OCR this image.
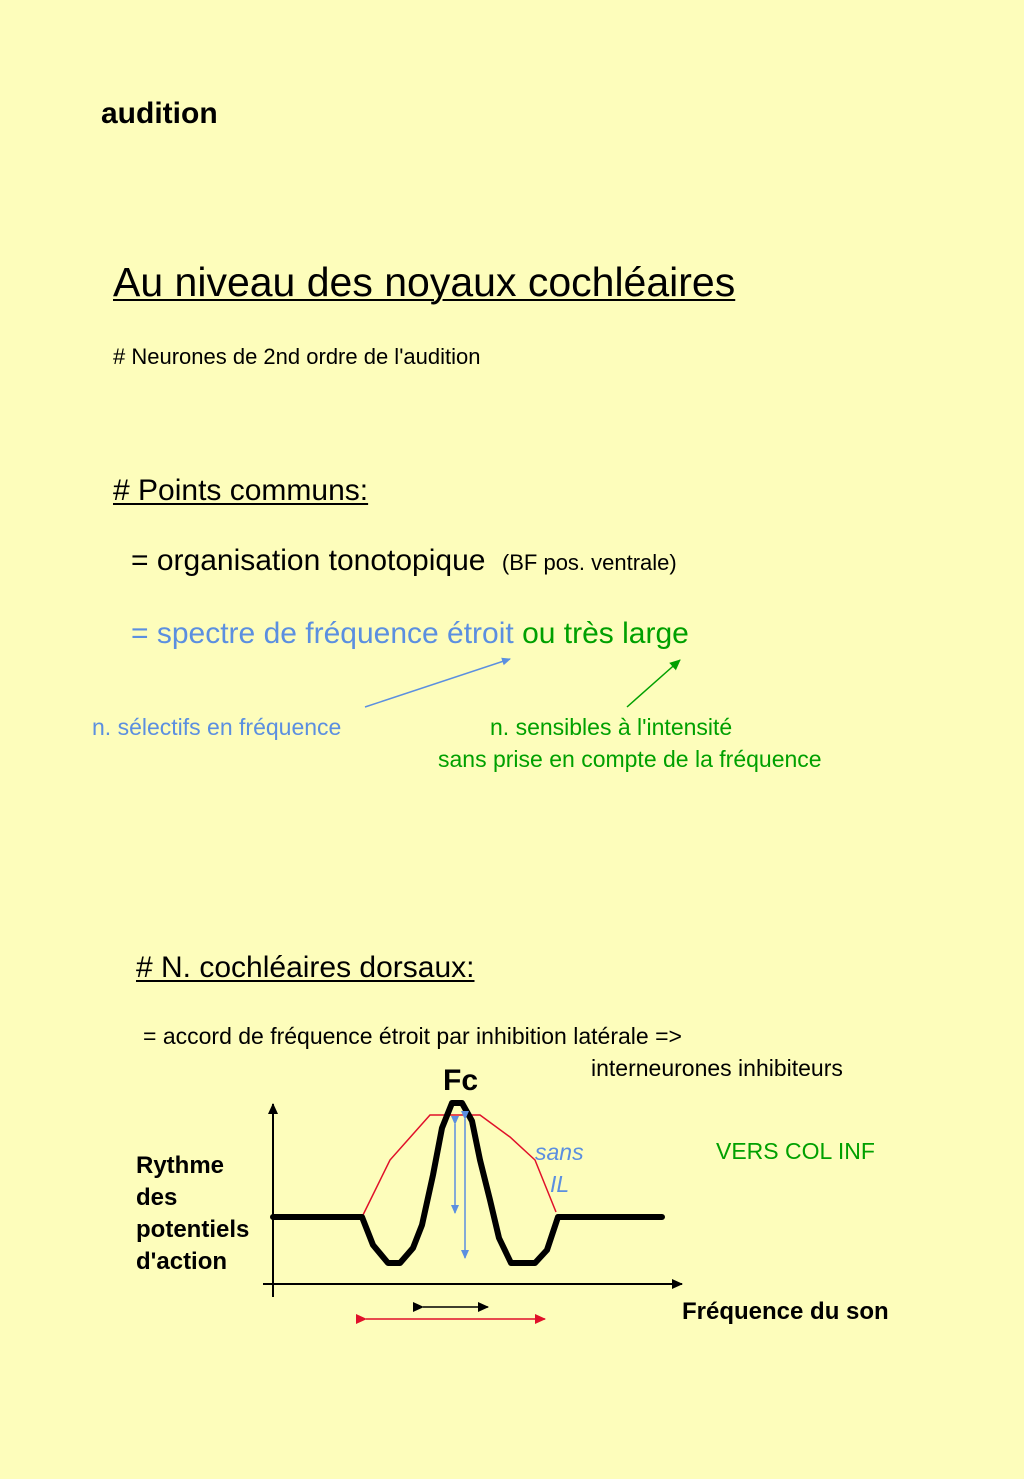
audition
Au niveau des noyaux cochléaires
# Neurones de 2nd ordre de l'audition
# Points communs:
= organisation tonotopique (BF pos. ventrale)
= spectre de fréquence étroit ou très large
n. sélectifs en fréquence	n. sensibles à l'intensité
sans prise en compte de la fréquence
# N. cochléaires dorsaux:
= accord de fréquence étroit par inhibition latérale =>
interneurones inhibiteurs
Fc
VERS COL INF
sans
IL
Rythme
des
potentiels
d'action
Fréquence du son
